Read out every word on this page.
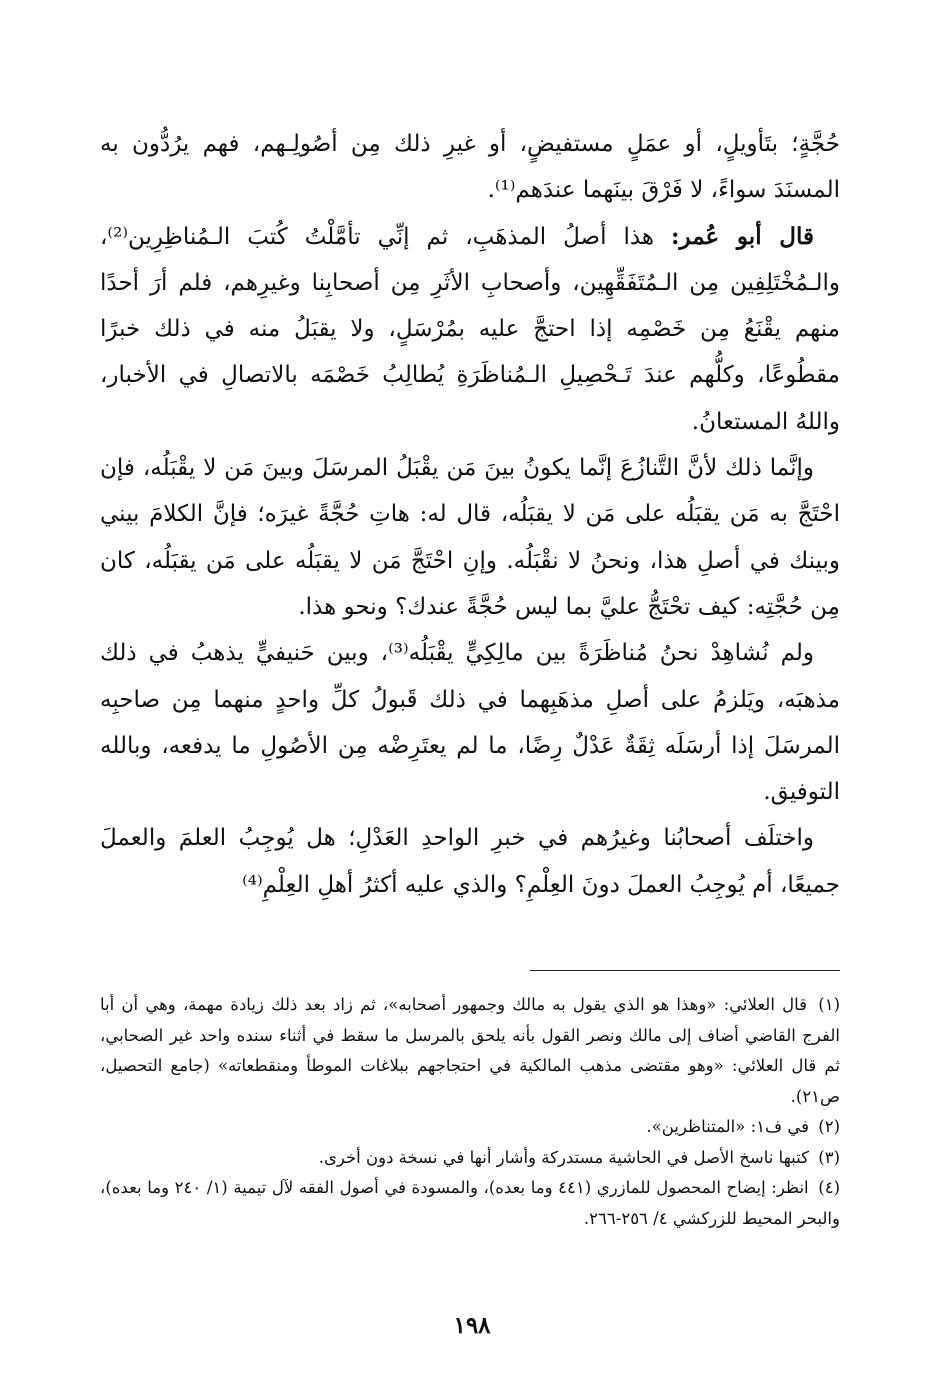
حُجَّةٍ؛ بتَأويلٍ، أو عمَلٍ مستفيضٍ، أو غيرِ ذلك مِن أصُولِـهم، فهم يرُدُّون به المسنَدَ سواءً، لا فَرْقَ بينَهما عندَهم⁽¹⁾.

قال أبو عُمر: هذا أصلُ المذهَبِ، ثم إنِّي تأمَّلْتُ كُتبَ الـمُناظِرِين⁽²⁾، والـمُخْتَلِفِين مِن الـمُتَفَقِّهِين، وأصحابِ الأثَرِ مِن أصحابِنا وغيرِهم، فلم أرَ أحدًا منهم يقْنَعُ مِن خَصْمِه إذا احتجَّ عليه بمُرْسَلٍ، ولا يقبَلُ منه في ذلك خبرًا مقطُوعًا، وكلُّهم عندَ تَـحْصِيلِ الـمُناظَرَةِ يُطالِبُ خَصْمَه بالاتصالِ في الأخبار، واللهُ المستعانُ.

وإنَّما ذلك لأنَّ التَّنازُعَ إنَّما يكونُ بينَ مَن يقْبَلُ المرسَلَ وبينَ مَن لا يقْبَلُه، فإن احْتَجَّ به مَن يقبَلُه على مَن لا يقبَلُه، قال له: هاتِ حُجَّةً غيرَه؛ فإنَّ الكلامَ بيني وبينك في أصلِ هذا، ونحنُ لا نقْبَلُه. وإنِ احْتَجَّ مَن لا يقبَلُه على مَن يقبَلُه، كان مِن حُجَّتِه: كيف تحْتَجُّ عليَّ بما ليس حُجَّةً عندك؟ ونحو هذا.

ولم نُشاهِدْ نحنُ مُناظَرَةً بين مالِكِيٍّ يقْبَلُه⁽³⁾، وبين حَنيفيٍّ يذهبُ في ذلك مذهبَه، ويَلزمُ على أصلِ مذهَبِهما في ذلك قَبولُ كلِّ واحدٍ منهما مِن صاحبِه المرسَلَ إذا أرسَلَه ثِقَةٌ عَدْلٌ رِضًا، ما لم يعتَرِضْه مِن الأصُولِ ما يدفعه، وبالله التوفيق.

واختلَف أصحابُنا وغيرُهم في خبرِ الواحدِ العَدْلِ؛ هل يُوجِبُ العلمَ والعملَ جميعًا، أم يُوجِبُ العملَ دونَ العِلْمِ؟ والذي عليه أكثرُ أهلِ العِلْمِ⁽⁴⁾

(١) قال العلائي: «وهذا هو الذي يقول به مالك وجمهور أصحابه»، ثم زاد بعد ذلك زيادة مهمة، وهي أن أبا الفرج القاضي أضاف إلى مالك ونصر القول بأنه يلحق بالمرسل ما سقط في أثناء سنده واحد غير الصحابي، ثم قال العلائي: «وهو مقتضى مذهب المالكية في احتجاجهم ببلاغات الموطأ ومنقطعاته» (جامع التحصيل، ص٢١).

(٢) في ف١: «المتناظرين».

(٣) كتبها ناسخ الأصل في الحاشية مستدركة وأشار أنها في نسخة دون أخرى.

(٤) انظر: إيضاح المحصول للمازري (٤٤١ وما بعده)، والمسودة في أصول الفقه لآل تيمية (١/ ٢٤٠ وما بعده)، والبحر المحيط للزركشي ٤/ ٢٥٦-٢٦٦.

١٩٨
